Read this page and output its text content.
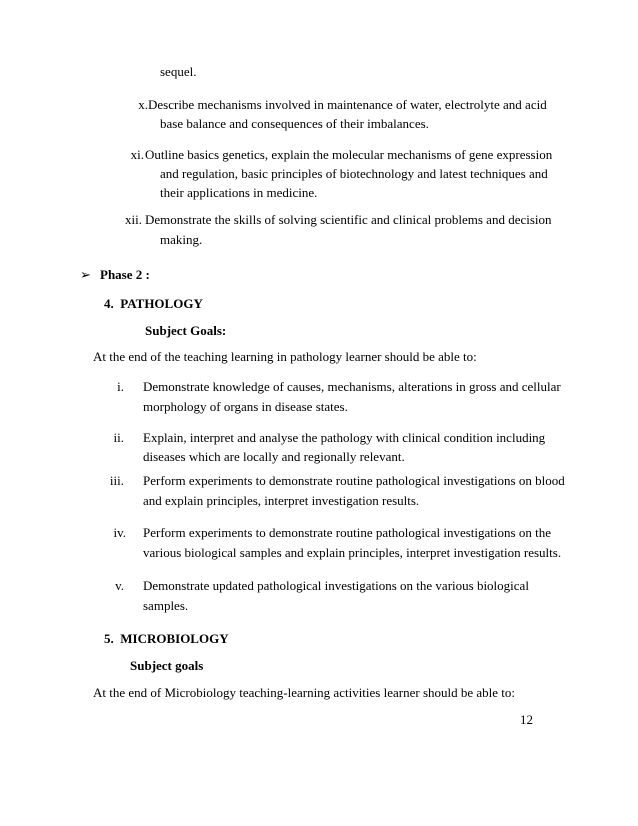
sequel.
x. Describe mechanisms involved in maintenance of water, electrolyte and acid
base balance and consequences of their imbalances.
xi. Outline basics genetics, explain the molecular mechanisms of gene expression
and regulation, basic principles of biotechnology and latest techniques and
their applications in medicine.
xii. Demonstrate the skills of solving scientific and clinical problems and decision
making.
➢ Phase 2 :
4.  PATHOLOGY
Subject Goals:
At the end of the teaching learning in pathology learner should be able to:
i. Demonstrate knowledge of causes, mechanisms, alterations in gross and cellular
morphology of organs in disease states.
ii. Explain, interpret and analyse the pathology with clinical condition including
diseases which are locally and regionally relevant.
iii. Perform experiments to demonstrate routine pathological investigations on blood
and explain principles, interpret investigation results.
iv. Perform experiments to demonstrate routine pathological investigations on the
various biological samples and explain principles, interpret investigation results.
v. Demonstrate updated pathological investigations on the various biological
samples.
5.  MICROBIOLOGY
Subject goals
At the end of Microbiology teaching-learning activities learner should be able to:
12
